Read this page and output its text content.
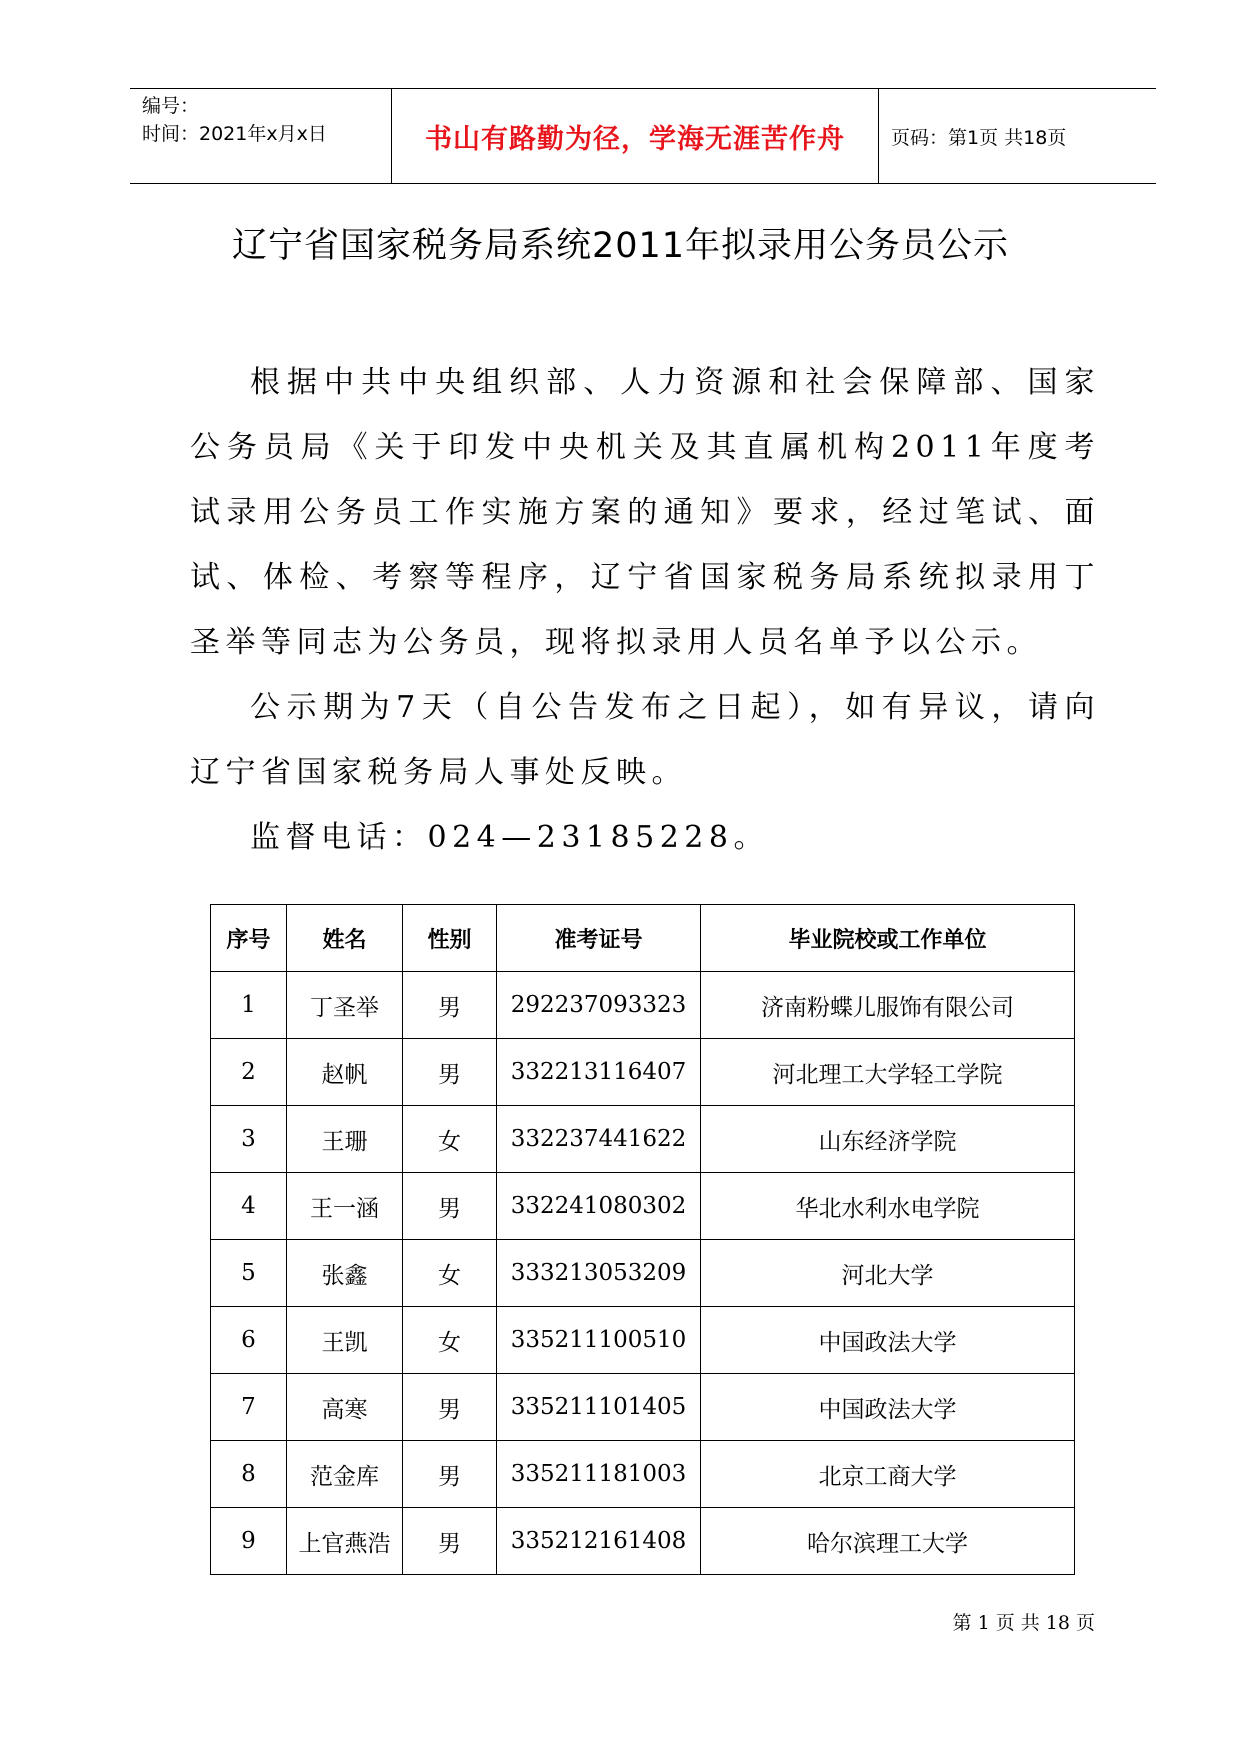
编号：
时间：2021年x月x日	书山有路勤为径，学海无涯苦作舟	页码：第1页 共18页
辽宁省国家税务局系统2011年拟录用公务员公示

根据中共中央组织部、人力资源和社会保障部、国家公务员局《关于印发中央机关及其直属机构2011年度考试录用公务员工作实施方案的通知》要求，经过笔试、面试、体检、考察等程序，辽宁省国家税务局系统拟录用丁圣举等同志为公务员，现将拟录用人员名单予以公示。

公示期为7天（自公告发布之日起），如有异议，请向辽宁省国家税务局人事处反映。

监督电话：024—23185228。

序号	姓名	性别	准考证号	毕业院校或工作单位
1	丁圣举	男	292237093323	济南粉蝶儿服饰有限公司
2	赵帆	男	332213116407	河北理工大学轻工学院
3	王珊	女	332237441622	山东经济学院
4	王一涵	男	332241080302	华北水利水电学院
5	张鑫	女	333213053209	河北大学
6	王凯	女	335211100510	中国政法大学
7	高寒	男	335211101405	中国政法大学
8	范金库	男	335211181003	北京工商大学
9	上官燕浩	男	335212161408	哈尔滨理工大学
第 1 页 共 18 页
